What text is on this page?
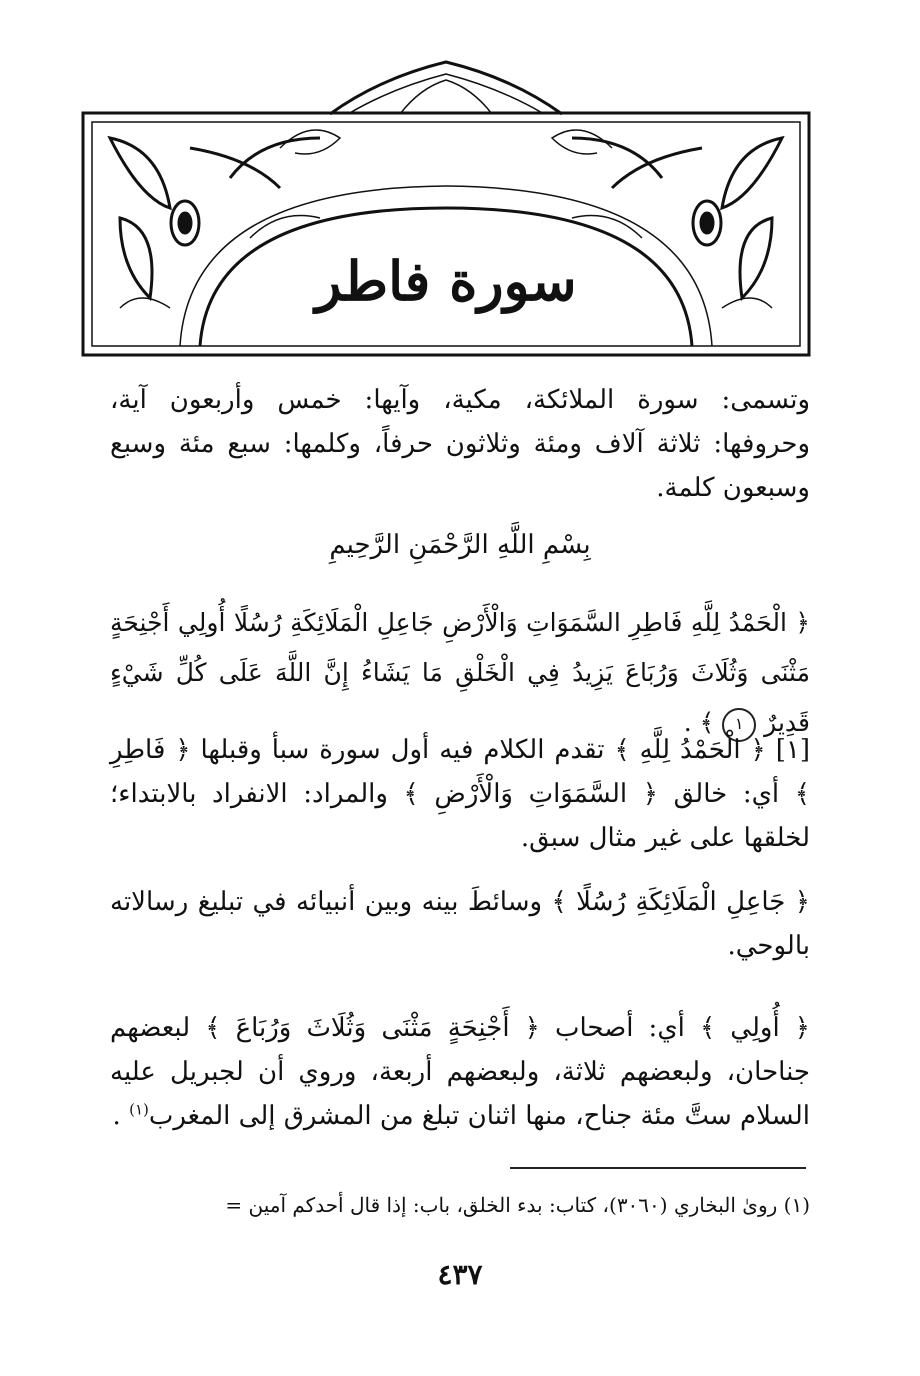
سورة فاطر
وتسمى: سورة الملائكة، مكية، وآيها: خمس وأربعون آية، وحروفها: ثلاثة آلاف ومئة وثلاثون حرفاً، وكلمها: سبع مئة وسبع وسبعون كلمة.
بِسْمِ اللَّهِ الرَّحْمَنِ الرَّحِيمِ
﴿ الْحَمْدُ لِلَّهِ فَاطِرِ السَّمَوَاتِ وَالْأَرْضِ جَاعِلِ الْمَلَائِكَةِ رُسُلًا أُولِي أَجْنِحَةٍ مَثْنَى وَثُلَاثَ وَرُبَاعَ يَزِيدُ فِي الْخَلْقِ مَا يَشَاءُ إِنَّ اللَّهَ عَلَى كُلِّ شَيْءٍ قَدِيرٌ ١ ﴾ .
[١] ﴿ الْحَمْدُ لِلَّهِ ﴾ تقدم الكلام فيه أول سورة سبأ وقبلها ﴿ فَاطِرِ ﴾ أي: خالق ﴿ السَّمَوَاتِ وَالْأَرْضِ ﴾ والمراد: الانفراد بالابتداء؛ لخلقها على غير مثال سبق.
﴿ جَاعِلِ الْمَلَائِكَةِ رُسُلًا ﴾ وسائطَ بينه وبين أنبيائه في تبليغ رسالاته بالوحي.
﴿ أُولِي ﴾ أي: أصحاب ﴿ أَجْنِحَةٍ مَثْنَى وَثُلَاثَ وَرُبَاعَ ﴾ لبعضهم جناحان، ولبعضهم ثلاثة، ولبعضهم أربعة، وروي أن لجبريل عليه السلام ستَّ مئة جناح، منها اثنان تبلغ من المشرق إلى المغرب$^{(١)}$ .
(١) روىٰ البخاري (٣٠٦٠)، كتاب: بدء الخلق، باب: إذا قال أحدكم آمين =
٤٣٧
